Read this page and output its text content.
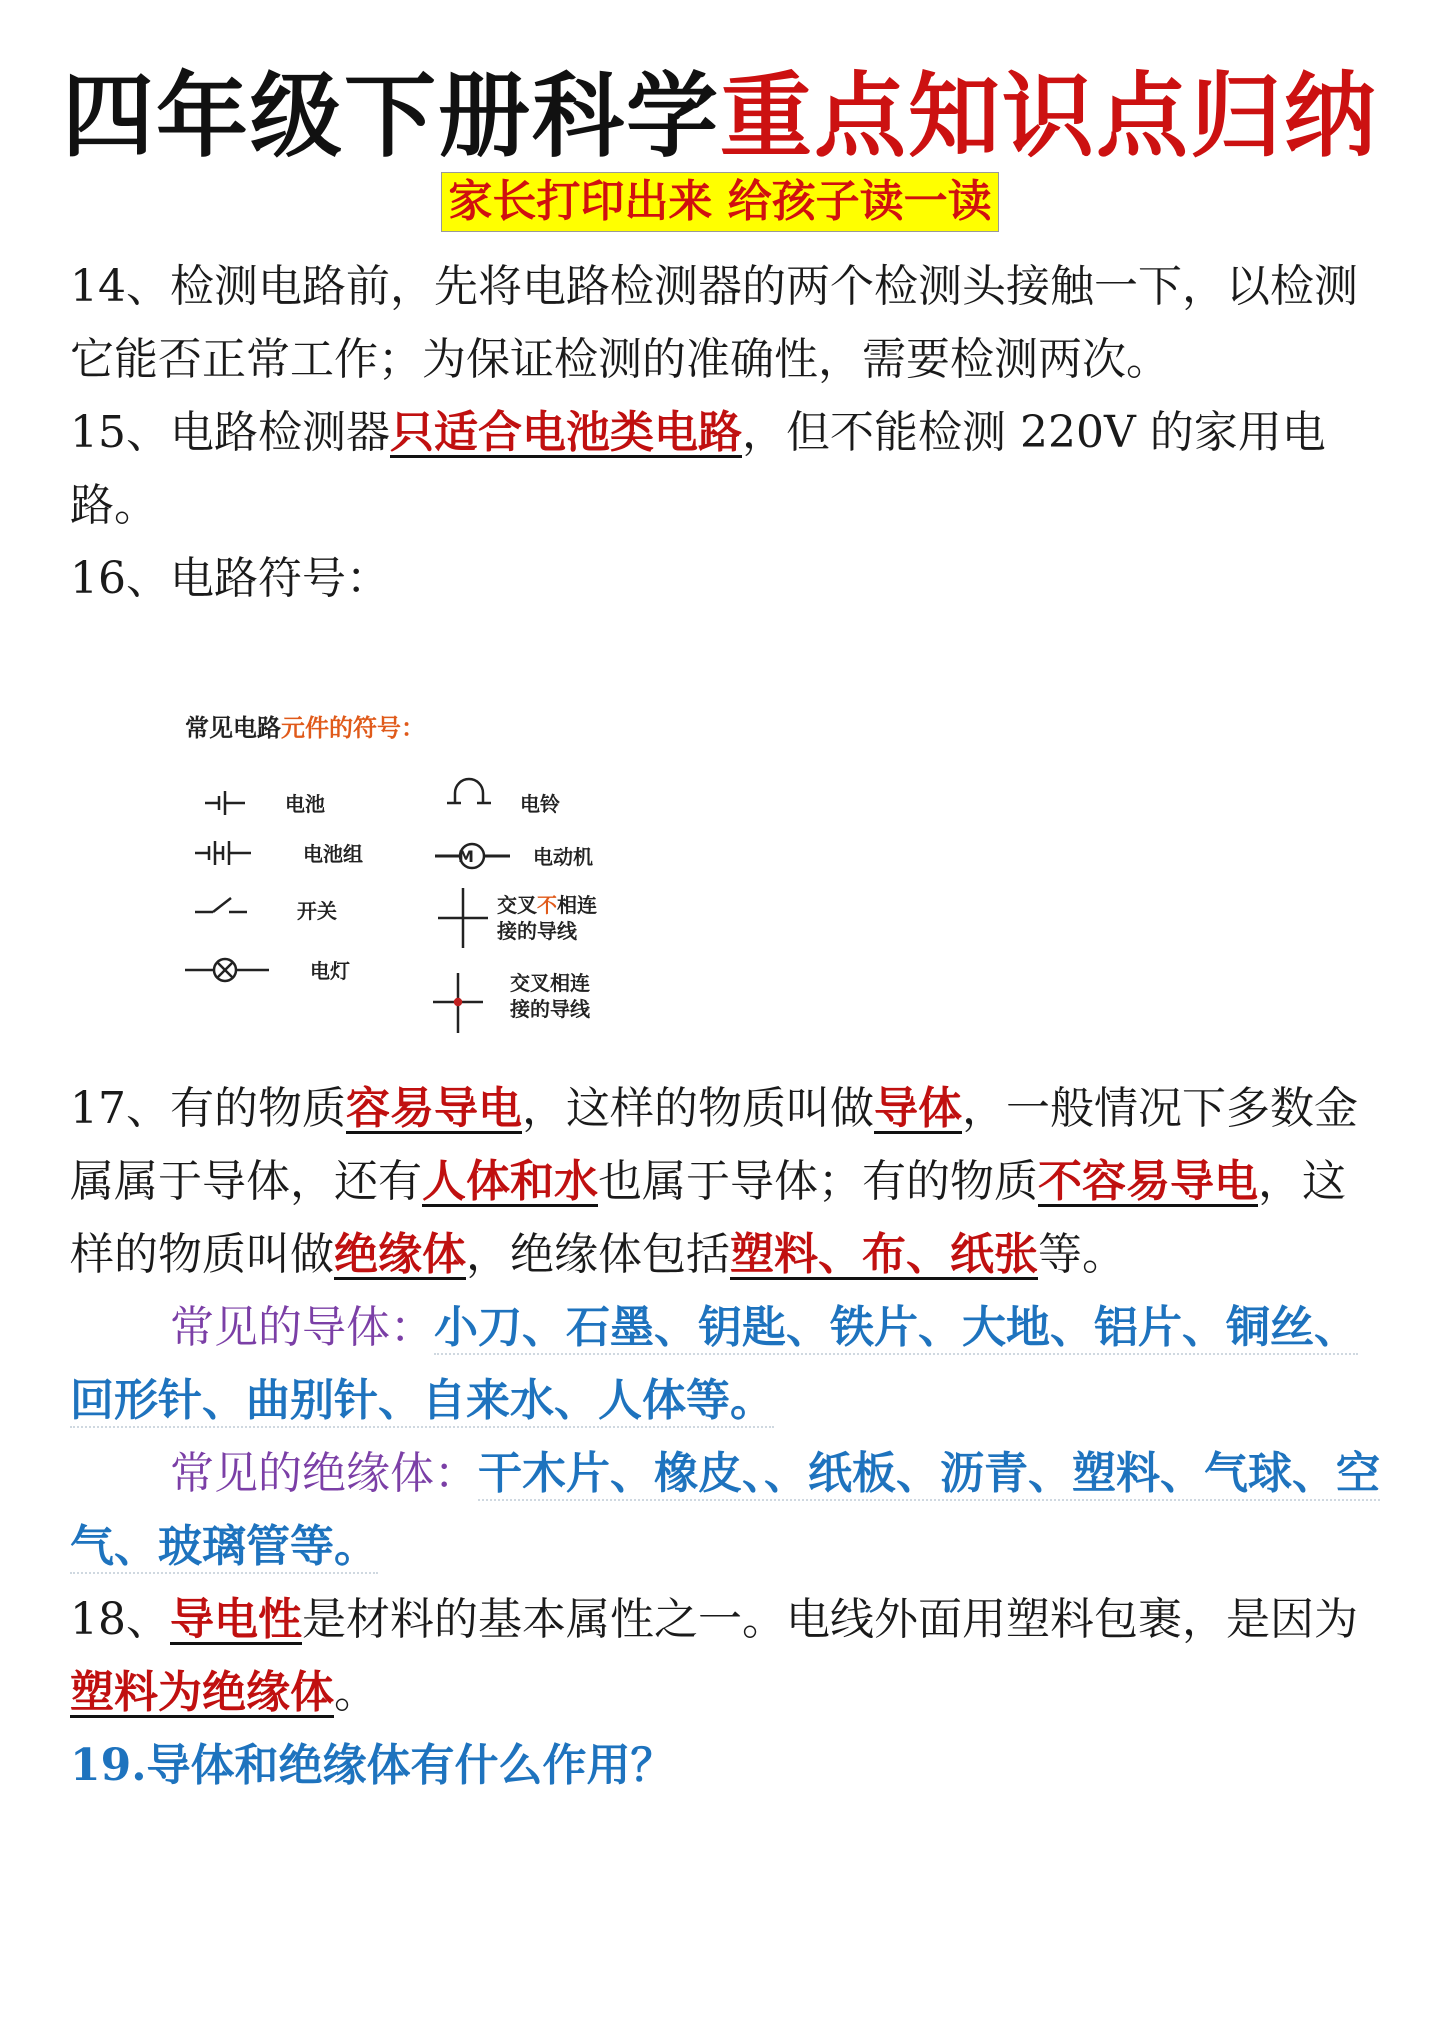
四年级下册科学重点知识点归纳
家长打印出来 给孩子读一读

14、检测电路前，先将电路检测器的两个检测头接触一下，以检测它能否正常工作；为保证检测的准确性，需要检测两次。

15、电路检测器只适合电池类电路，但不能检测 220V 的家用电路。

16、电路符号：

常见电路元件的符号：
M
电池
电池组
开关
电灯
电铃
电动机
交叉不相连
接的导线
交叉相连
接的导线

17、有的物质容易导电，这样的物质叫做导体，一般情况下多数金属属于导体，还有人体和水也属于导体；有的物质不容易导电，这样的物质叫做绝缘体，绝缘体包括塑料、布、纸张等。

常见的导体：小刀、石墨、钥匙、铁片、大地、铝片、铜丝、回形针、曲别针、自来水、人体等。

常见的绝缘体：干木片、橡皮、、纸板、沥青、塑料、气球、空气、玻璃管等。

18、导电性是材料的基本属性之一。电线外面用塑料包裹，是因为塑料为绝缘体。

19.导体和绝缘体有什么作用？
